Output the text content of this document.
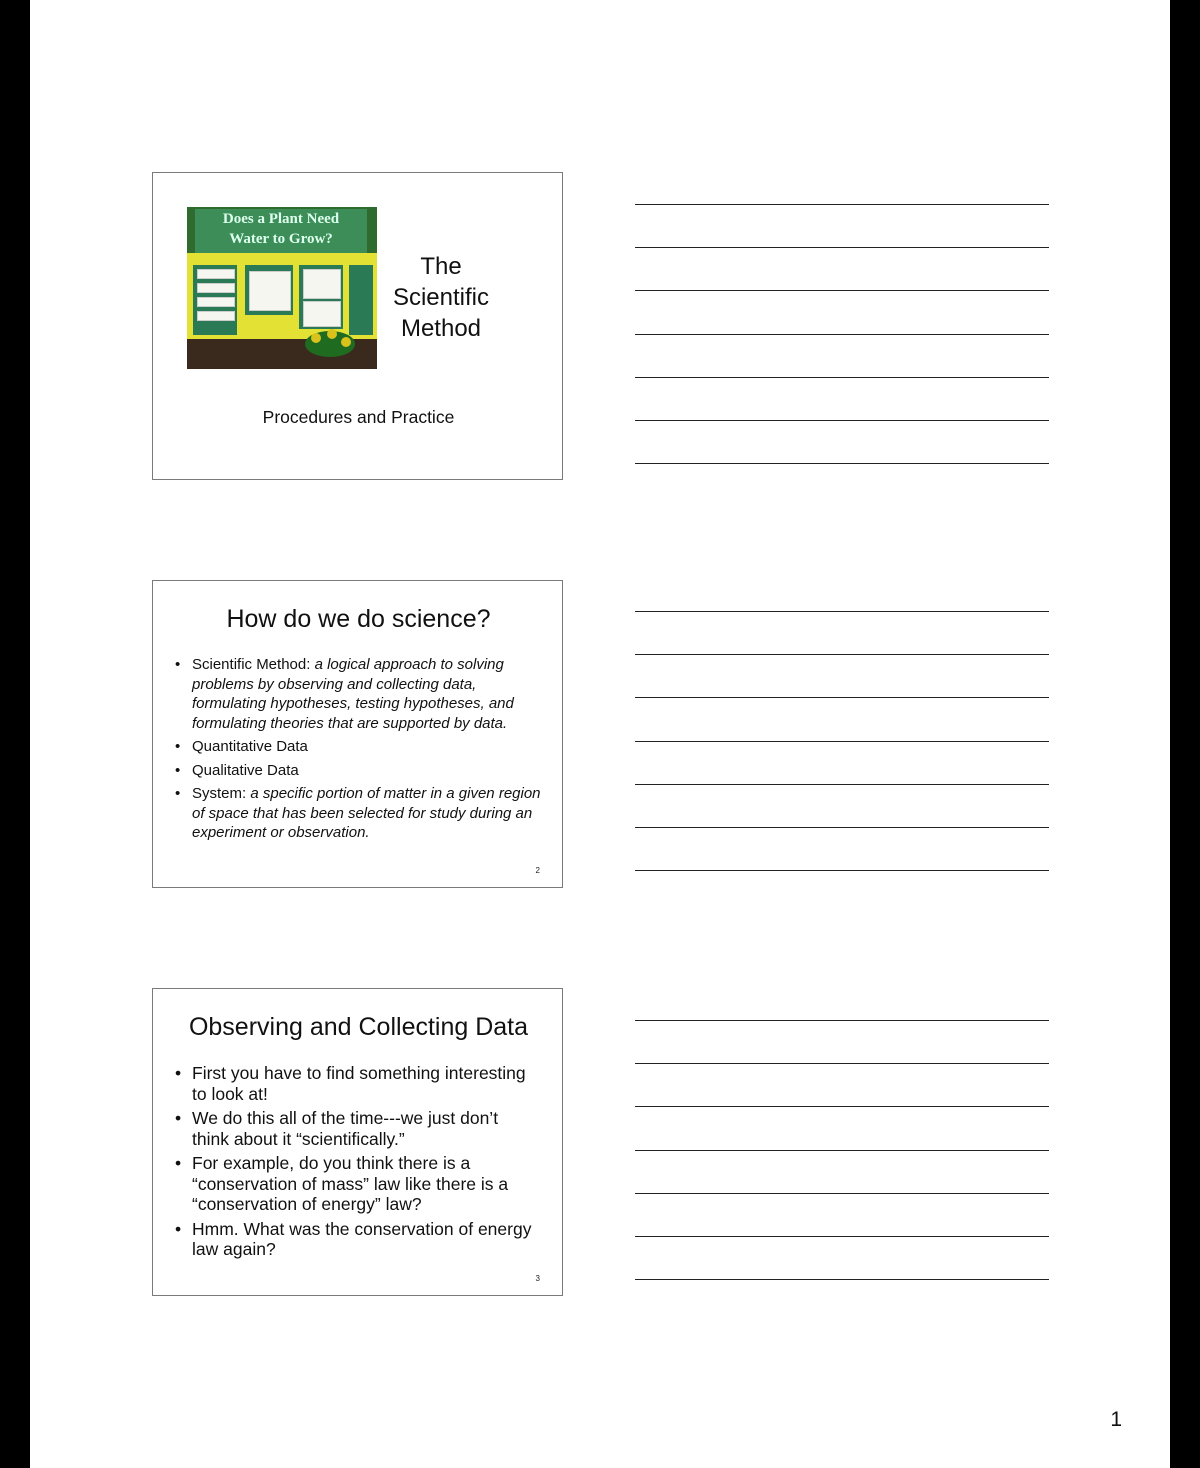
Does a Plant Need
Water to Grow?
The
Scientific
Method
Procedures and Practice
How do we do science?
• Scientific Method: a logical approach to solving problems by observing and collecting data, formulating hypotheses, testing hypotheses, and formulating theories that are supported by data.
• Quantitative Data
• Qualitative Data
• System: a specific portion of matter in a given region of space that has been selected for study during an experiment or observation.
2
Observing and Collecting Data
• First you have to find something interesting to look at!
• We do this all of the time---we just don’t think about it “scientifically.”
• For example, do you think there is a “conservation of mass” law like there is a “conservation of energy” law?
• Hmm. What was the conservation of energy law again?
3
1
